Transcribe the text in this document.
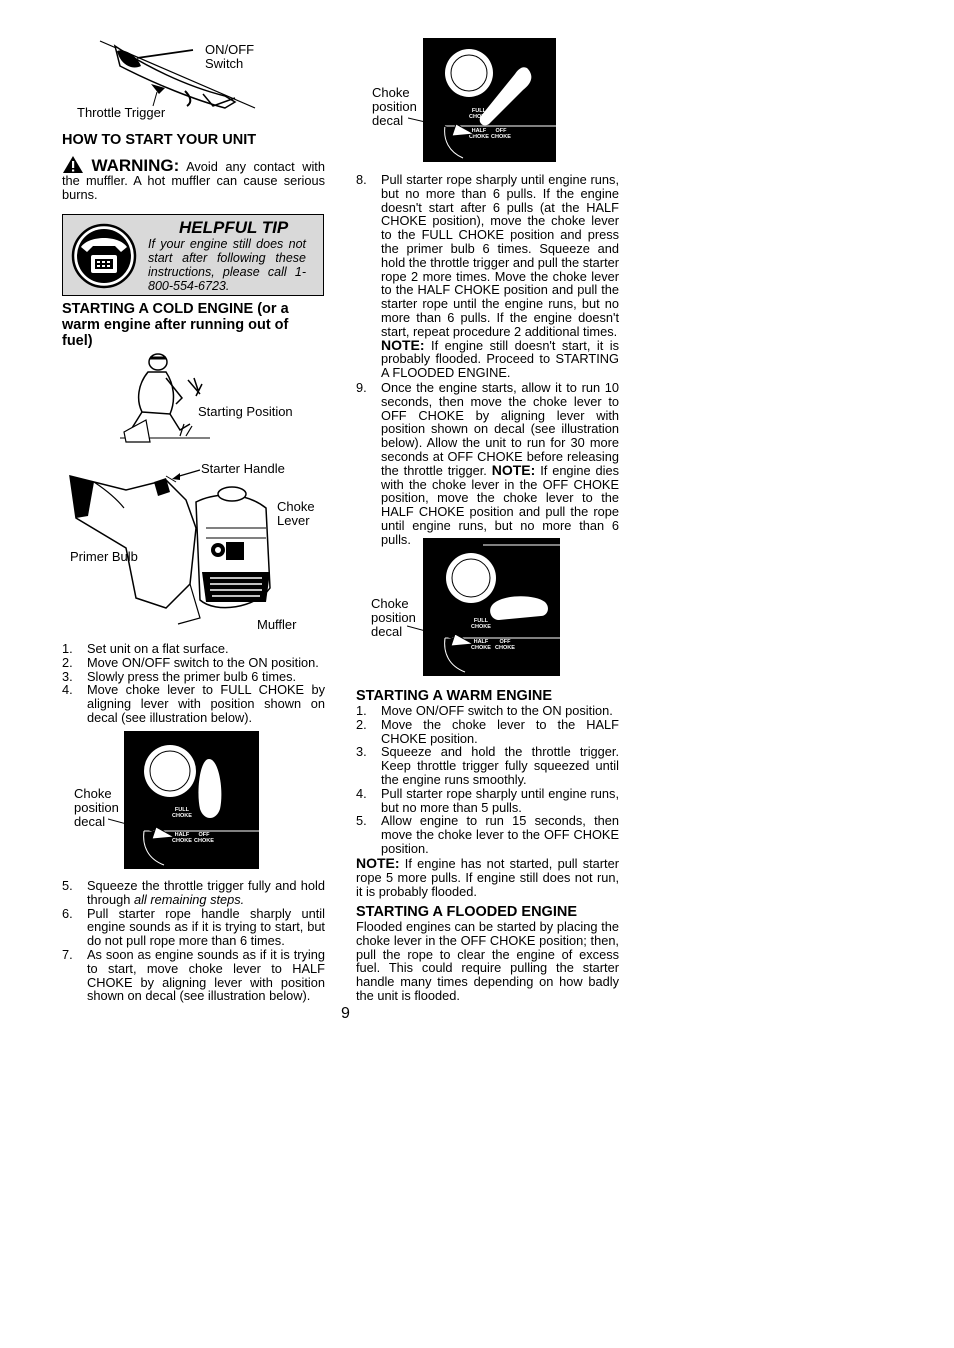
ON/OFF
Switch
Throttle Trigger
HOW TO START YOUR UNIT
WARNING: Avoid any contact with the muffler. A hot muffler can cause serious burns.
HELPFUL TIP
If your engine still does not start after following these instructions, please call 1-800-554-6723.
STARTING A COLD ENGINE (or a warm engine after running out of fuel)
Starting Position
Starter Handle
Choke
Lever
Primer Bulb
Muffler
1. Set unit on a flat surface.
2. Move ON/OFF switch to the ON position.
3. Slowly press the primer bulb 6 times.
4. Move choke lever to FULL CHOKE by aligning lever with position shown on decal (see illustration below).
FULL
CHOKE
HALF
CHOKE
OFF
CHOKE
Choke
position
decal
5. Squeeze the throttle trigger fully and hold through all remaining steps.
6. Pull starter rope handle sharply until engine sounds as if it is trying to start, but do not pull rope more than 6 times.
7. As soon as engine sounds as if it is trying to start, move choke lever to HALF CHOKE by aligning lever with position shown on decal (see illustration below).
FULL
CHOKE
HALF
CHOKE
OFF
CHOKE
Choke
position
decal
8. Pull starter rope sharply until engine runs, but no more than 6 pulls. If the engine doesn't start after 6 pulls (at the HALF CHOKE position), move the choke lever to the FULL CHOKE position and press the primer bulb 6 times. Squeeze and hold the throttle trigger and pull the starter rope 2 more times. Move the choke lever to the HALF CHOKE position and pull the starter rope until the engine runs, but no more than 6 pulls. If the engine doesn't start, repeat procedure 2 additional times.
NOTE: If engine still doesn't start, it is probably flooded. Proceed to STARTING A FLOODED ENGINE.
9. Once the engine starts, allow it to run 10 seconds, then move the choke lever to OFF CHOKE by aligning lever with position shown on decal (see illustration below). Allow the unit to run for 30 more seconds at OFF CHOKE before releasing the throttle trigger. NOTE: If engine dies with the choke lever in the OFF CHOKE position, move the choke lever to the HALF CHOKE position and pull the rope until engine runs, but no more than 6 pulls.
FULL
CHOKE
HALF
CHOKE
OFF
CHOKE
Choke
position
decal
STARTING A WARM ENGINE
1. Move ON/OFF switch to the ON position.
2. Move the choke lever to the HALF CHOKE position.
3. Squeeze and hold the throttle trigger. Keep throttle trigger fully squeezed until the engine runs smoothly.
4. Pull starter rope sharply until engine runs, but no more than 5 pulls.
5. Allow engine to run 15 seconds, then move the choke lever to the OFF CHOKE position.
NOTE: If engine has not started, pull starter rope 5 more pulls. If engine still does not run, it is probably flooded.
STARTING A FLOODED ENGINE
Flooded engines can be started by placing the choke lever in the OFF CHOKE position; then, pull the rope to clear the engine of excess fuel. This could require pulling the starter handle many times depending on how badly the unit is flooded.
9
